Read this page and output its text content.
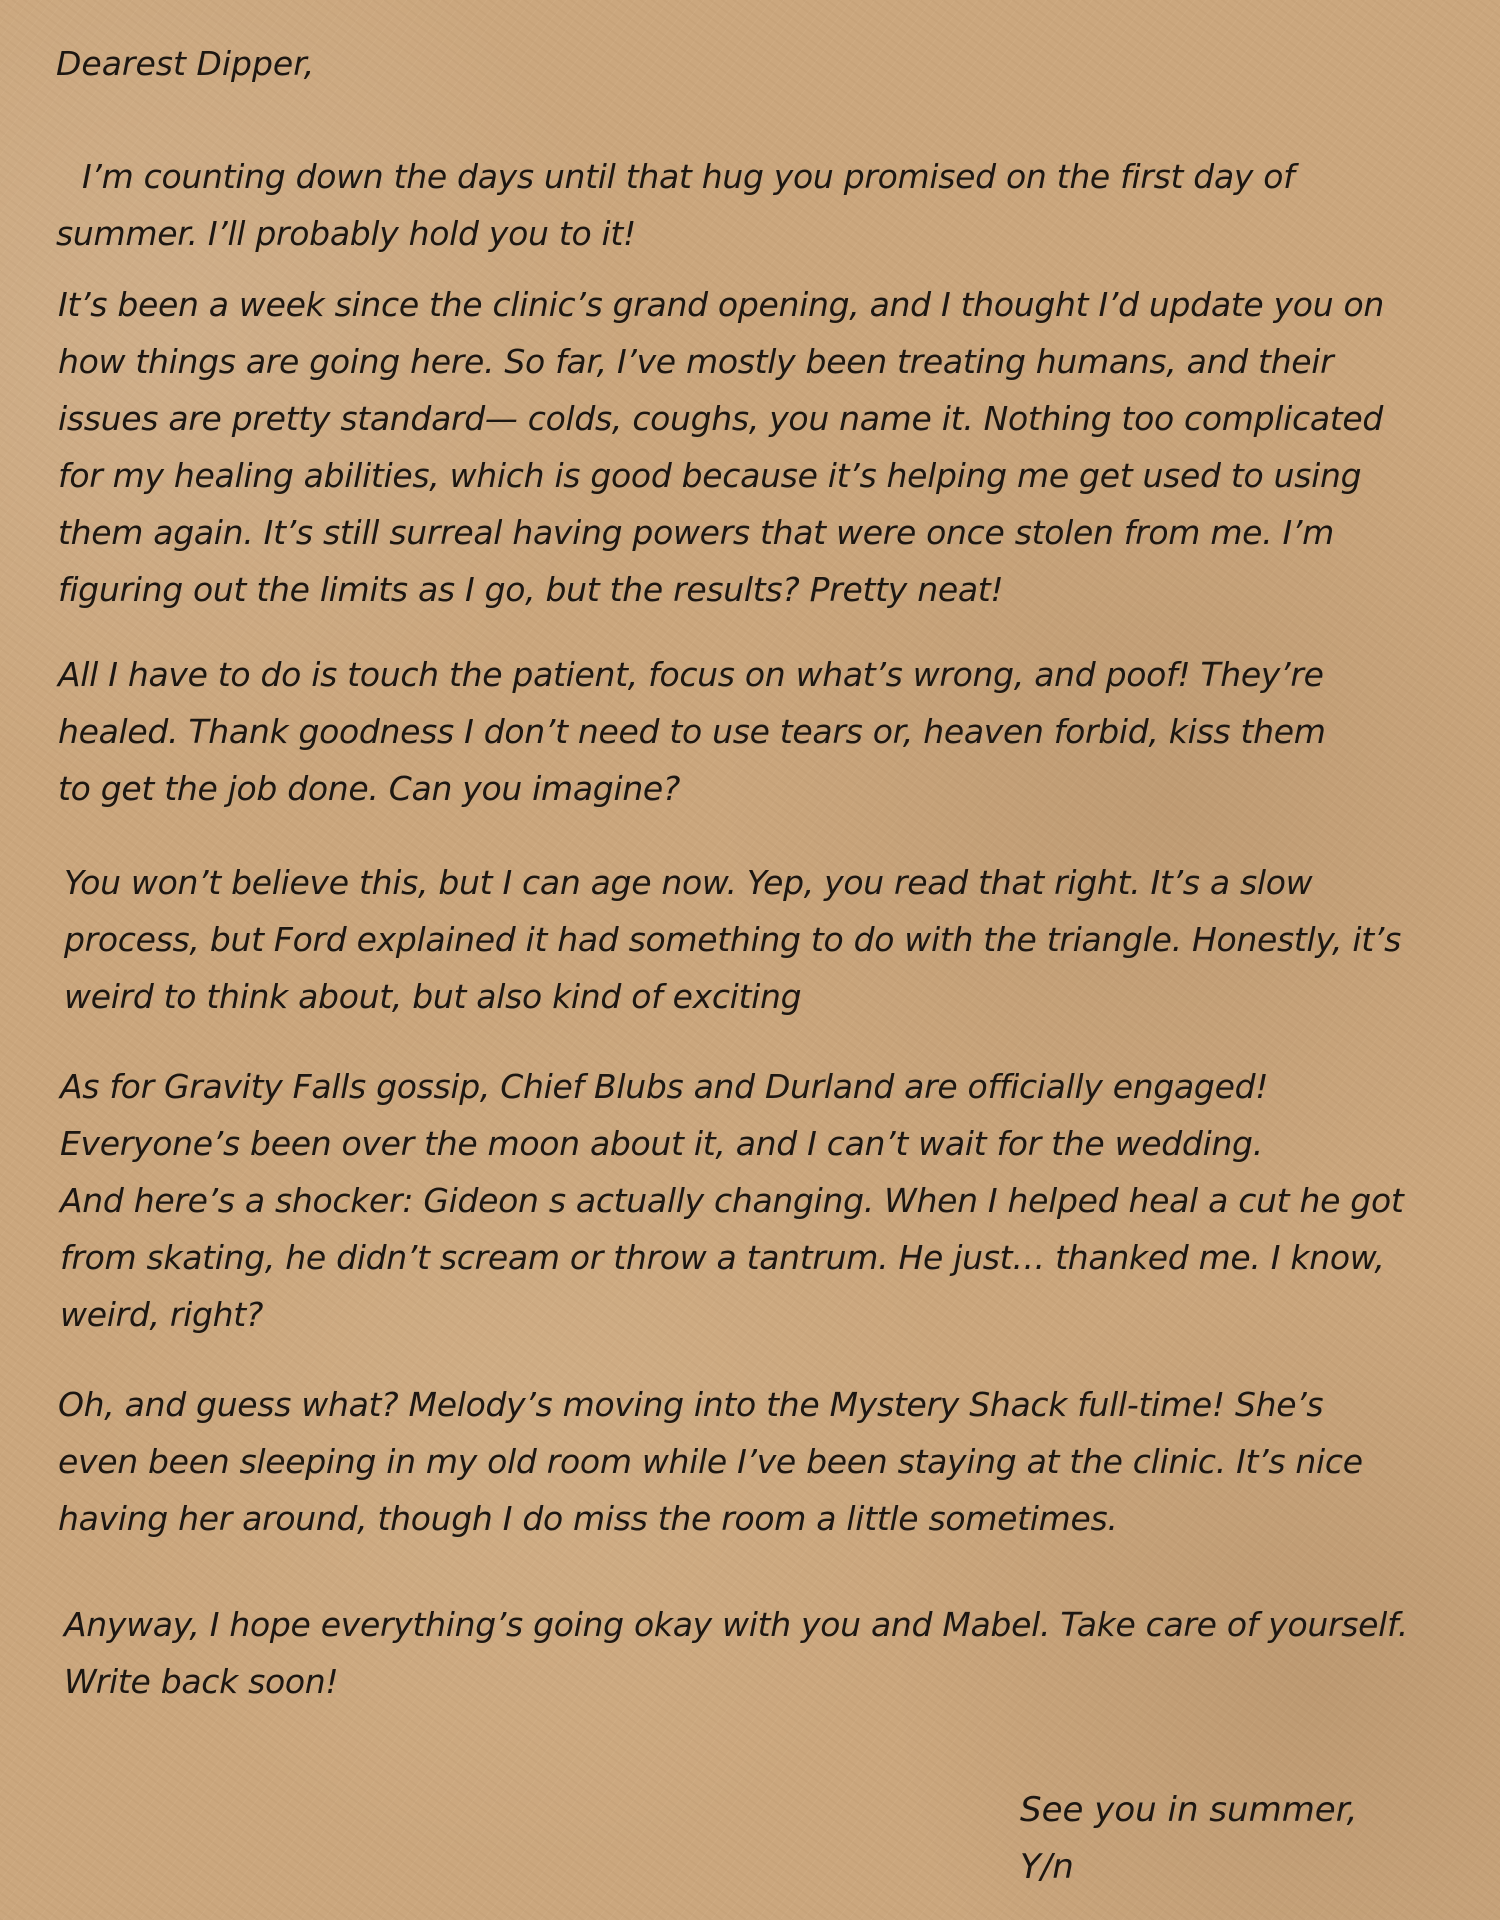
Dearest Dipper,

I’m counting down the days until that hug you promised on the first day of
summer. I’ll probably hold you to it!

It’s been a week since the clinic’s grand opening, and I thought I’d update you on
how things are going here. So far, I’ve mostly been treating humans, and their
issues are pretty standard— colds, coughs, you name it. Nothing too complicated
for my healing abilities, which is good because it’s helping me get used to using
them again. It’s still surreal having powers that were once stolen from me. I’m
figuring out the limits as I go, but the results? Pretty neat!

All I have to do is touch the patient, focus on what’s wrong, and poof! They’re
healed. Thank goodness I don’t need to use tears or, heaven forbid, kiss them
to get the job done. Can you imagine?

You won’t believe this, but I can age now. Yep, you read that right. It’s a slow
process, but Ford explained it had something to do with the triangle. Honestly, it’s
weird to think about, but also kind of exciting

As for Gravity Falls gossip, Chief Blubs and Durland are officially engaged!
Everyone’s been over the moon about it, and I can’t wait for the wedding.
And here’s a shocker: Gideon s actually changing. When I helped heal a cut he got
from skating, he didn’t scream or throw a tantrum. He just… thanked me. I know,
weird, right?

Oh, and guess what? Melody’s moving into the Mystery Shack full-time! She’s
even been sleeping in my old room while I’ve been staying at the clinic. It’s nice
having her around, though I do miss the room a little sometimes.

Anyway, I hope everything’s going okay with you and Mabel. Take care of yourself.
Write back soon!

See you in summer,
Y/n
